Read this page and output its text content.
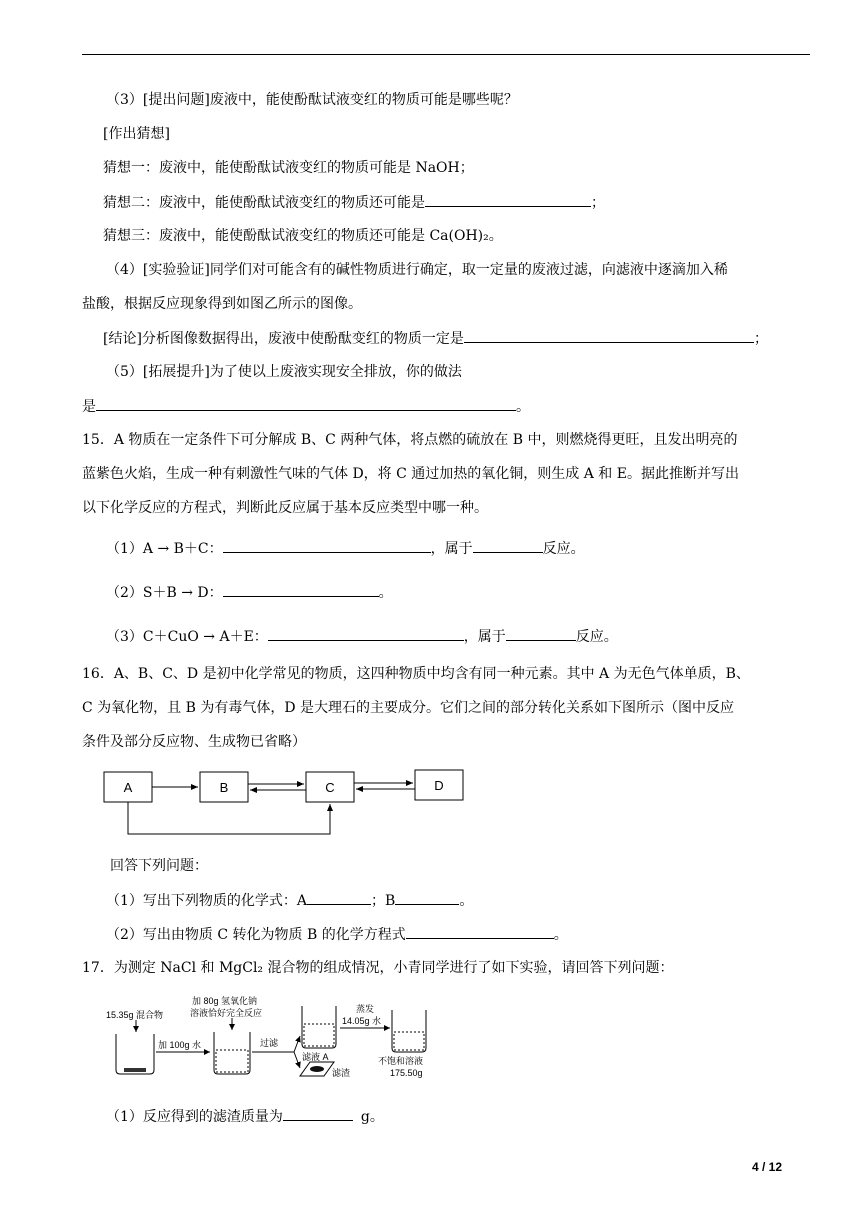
（3）[提出问题]废液中，能使酚酞试液变红的物质可能是哪些呢？
[作出猜想]
猜想一：废液中，能使酚酞试液变红的物质可能是 NaOH；
猜想二：废液中，能使酚酞试液变红的物质还可能是	；
猜想三：废液中，能使酚酞试液变红的物质还可能是 Ca(OH)₂。
（4）[实验验证]同学们对可能含有的碱性物质进行确定，取一定量的废液过滤，向滤液中逐滴加入稀
盐酸，根据反应现象得到如图乙所示的图像。
[结论]分析图像数据得出，废液中使酚酞变红的物质一定是	；
（5）[拓展提升]为了使以上废液实现安全排放，你的做法
是	。
15．A 物质在一定条件下可分解成 B、C 两种气体，将点燃的硫放在 B 中，则燃烧得更旺，且发出明亮的
蓝紫色火焰，生成一种有刺激性气味的气体 D，将 C 通过加热的氧化铜，则生成 A 和 E。据此推断并写出
以下化学反应的方程式，判断此反应属于基本反应类型中哪一种。
（1）A → B＋C：	，属于	反应。
（2）S＋B → D：	。
（3）C＋CuO → A＋E：	，属于	反应。
16．A、B、C、D 是初中化学常见的物质，这四种物质中均含有同一种元素。其中 A 为无色气体单质，B、
C 为氧化物，且 B 为有毒气体，D 是大理石的主要成分。它们之间的部分转化关系如下图所示（图中反应
条件及部分反应物、生成物已省略）
A	B	C	D
回答下列问题：
（1）写出下列物质的化学式：A	；B	。
（2）写出由物质 C 转化为物质 B 的化学方程式	。
17．为测定 NaCl 和 MgCl₂ 混合物的组成情况，小青同学进行了如下实验，请回答下列问题：
15.35g 混合物
加 100g 水
加 80g 氢氧化钠
溶液恰好完全反应
过滤
滤液 A
滤渣
蒸发
14.05g 水
不饱和溶液
175.50g
（1）反应得到的滤渣质量为	g。
4 / 12
